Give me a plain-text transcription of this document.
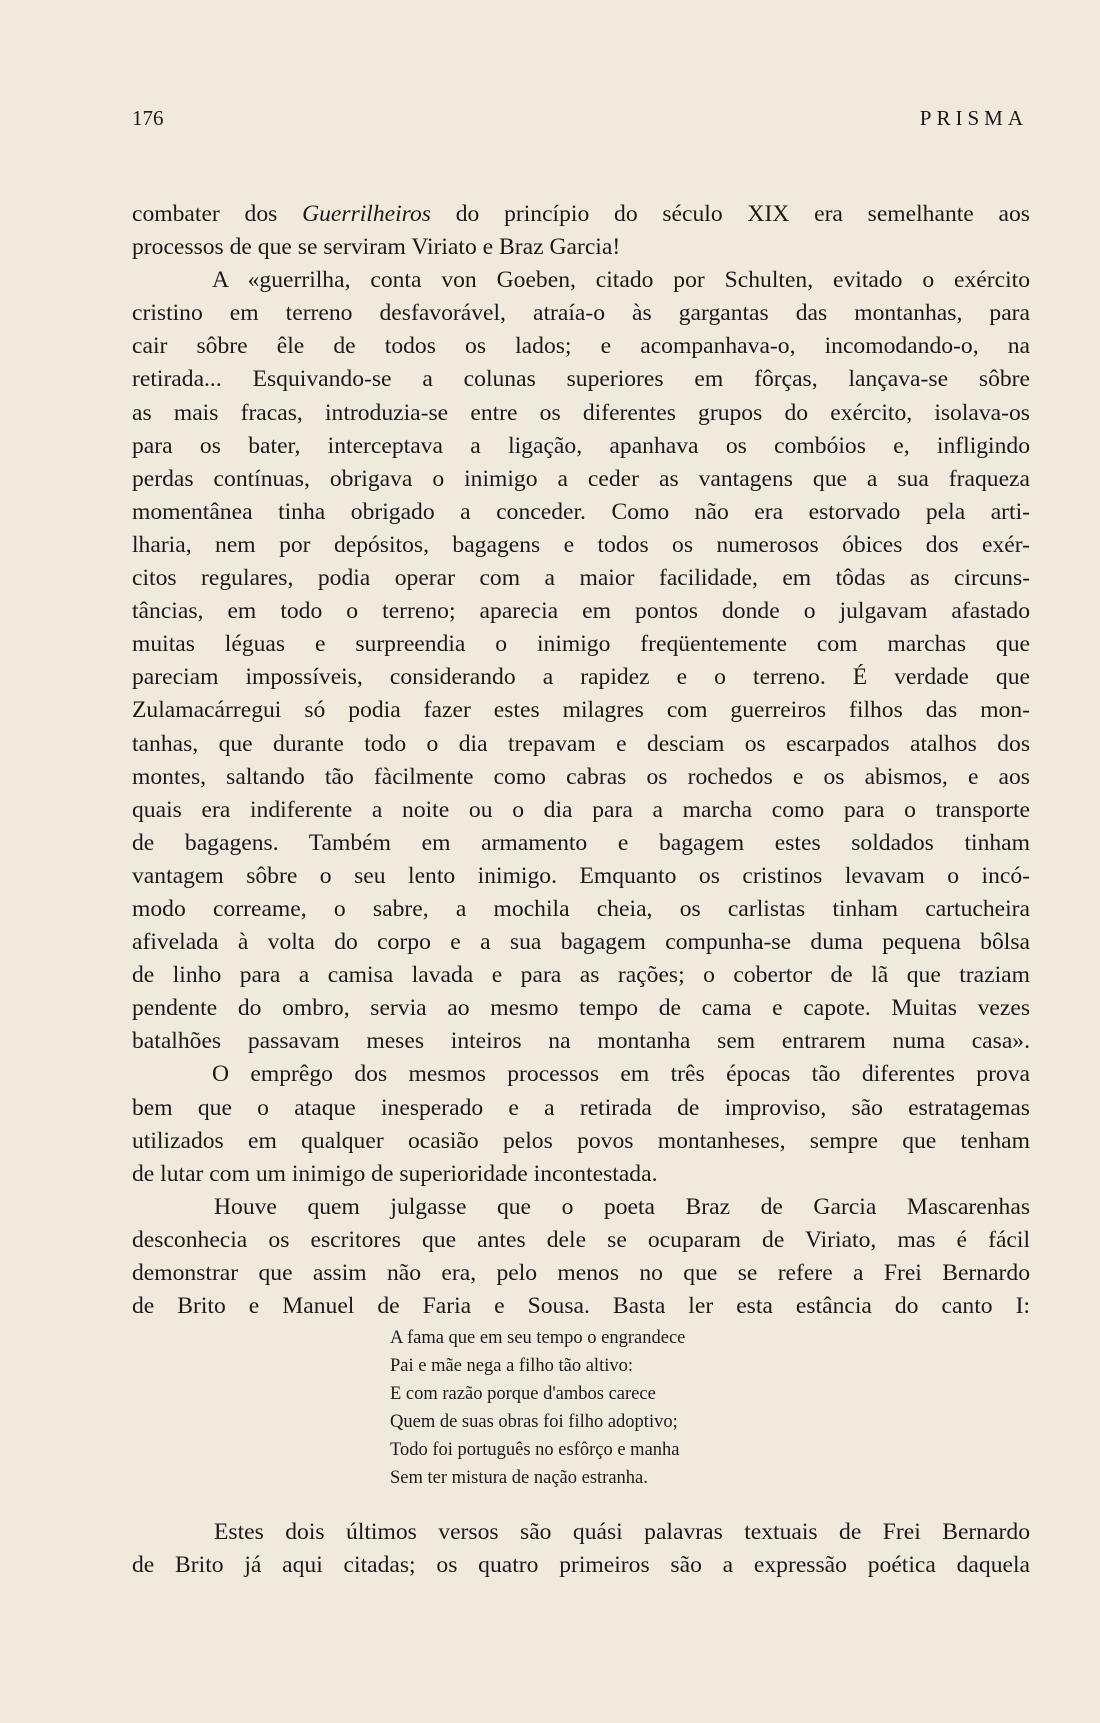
176	PRISMA
combater dos Guerrilheiros do princípio do século XIX era semelhante aos
processos de que se serviram Viriato e Braz Garcia!
A «guerrilha, conta von Goeben, citado por Schulten, evitado o exército
cristino em terreno desfavorável, atraía-o às gargantas das montanhas, para
cair sôbre êle de todos os lados; e acompanhava-o, incomodando-o, na
retirada... Esquivando-se a colunas superiores em fôrças, lançava-se sôbre
as mais fracas, introduzia-se entre os diferentes grupos do exército, isolava-os
para os bater, interceptava a ligação, apanhava os combóios e, infligindo
perdas contínuas, obrigava o inimigo a ceder as vantagens que a sua fraqueza
momentânea tinha obrigado a conceder. Como não era estorvado pela arti-
lharia, nem por depósitos, bagagens e todos os numerosos óbices dos exér-
citos regulares, podia operar com a maior facilidade, em tôdas as circuns-
tâncias, em todo o terreno; aparecia em pontos donde o julgavam afastado
muitas léguas e surpreendia o inimigo freqüentemente com marchas que
pareciam impossíveis, considerando a rapidez e o terreno. É verdade que
Zulamacárregui só podia fazer estes milagres com guerreiros filhos das mon-
tanhas, que durante todo o dia trepavam e desciam os escarpados atalhos dos
montes, saltando tão fàcilmente como cabras os rochedos e os abismos, e aos
quais era indiferente a noite ou o dia para a marcha como para o transporte
de bagagens. Também em armamento e bagagem estes soldados tinham
vantagem sôbre o seu lento inimigo. Emquanto os cristinos levavam o incó-
modo correame, o sabre, a mochila cheia, os carlistas tinham cartucheira
afivelada à volta do corpo e a sua bagagem compunha-se duma pequena bôlsa
de linho para a camisa lavada e para as rações; o cobertor de lã que traziam
pendente do ombro, servia ao mesmo tempo de cama e capote. Muitas vezes
batalhões passavam meses inteiros na montanha sem entrarem numa casa».
O emprêgo dos mesmos processos em três épocas tão diferentes prova
bem que o ataque inesperado e a retirada de improviso, são estratagemas
utilizados em qualquer ocasião pelos povos montanheses, sempre que tenham
de lutar com um inimigo de superioridade incontestada.
Houve quem julgasse que o poeta Braz de Garcia Mascarenhas
desconhecia os escritores que antes dele se ocuparam de Viriato, mas é fácil
demonstrar que assim não era, pelo menos no que se refere a Frei Bernardo
de Brito e Manuel de Faria e Sousa. Basta ler esta estância do canto I:
A fama que em seu tempo o engrandece
Pai e mãe nega a filho tão altivo:
E com razão porque d'ambos carece
Quem de suas obras foi filho adoptivo;
Todo foi português no esfôrço e manha
Sem ter mistura de nação estranha.
Estes dois últimos versos são quási palavras textuais de Frei Bernardo
de Brito já aqui citadas; os quatro primeiros são a expressão poética daquela
